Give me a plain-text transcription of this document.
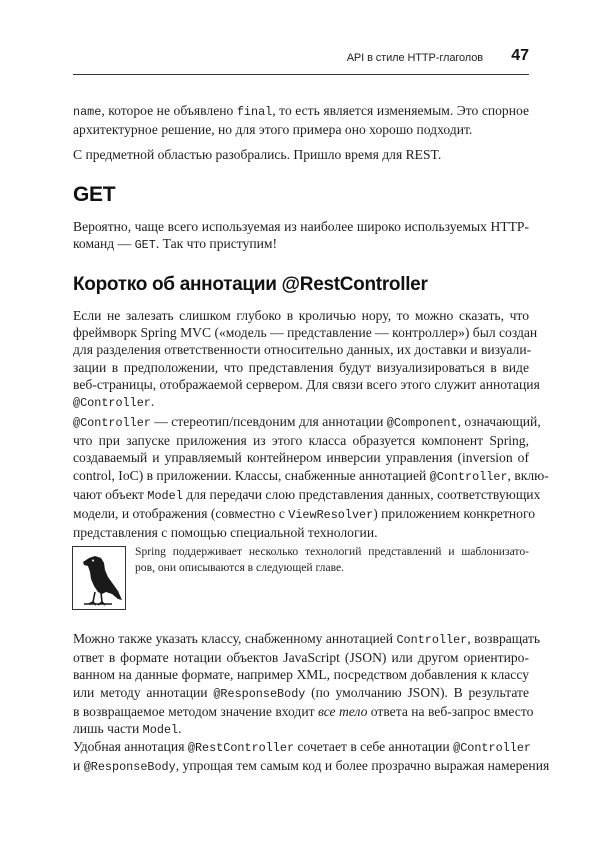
API в стиле HTTP-глаголов 47

name, которое не объявлено final, то есть является изменяемым. Это спорное
архитектурное решение, но для этого примера оно хорошо подходит.

С предметной областью разобрались. Пришло время для REST.

GET

Вероятно, чаще всего используемая из наиболее широко используемых HTTP-
команд — GET. Так что приступим!

Коротко об аннотации @RestController

Если не залезать слишком глубоко в кроличью нору, то можно сказать, что
фреймворк Spring MVC («модель — представление — контроллер») был создан
для разделения ответственности относительно данных, их доставки и визуали-
зации в предположении, что представления будут визуализироваться в виде
веб-страницы, отображаемой сервером. Для связи всего этого служит аннотация
@Controller.

@Controller — стереотип/псевдоним для аннотации @Component, означающий,
что при запуске приложения из этого класса образуется компонент Spring,
создаваемый и управляемый контейнером инверсии управления (inversion of
control, IoC) в приложении. Классы, снабженные аннотацией @Controller, вклю-
чают объект Model для передачи слою представления данных, соответствующих
модели, и отображения (совместно с ViewResolver) приложением конкретного
представления с помощью специальной технологии.

Spring поддерживает несколько технологий представлений и шаблонизато-
ров, они описываются в следующей главе.

Можно также указать классу, снабженному аннотацией Controller, возвращать
ответ в формате нотации объектов JavaScript (JSON) или другом ориентиро-
ванном на данные формате, например XML, посредством добавления к классу
или методу аннотации @ResponseBody (по умолчанию JSON). В результате
в возвращаемое методом значение входит все тело ответа на веб-запрос вместо
лишь части Model.

Удобная аннотация @RestController сочетает в себе аннотации @Controller
и @ResponseBody, упрощая тем самым код и более прозрачно выражая намерения
